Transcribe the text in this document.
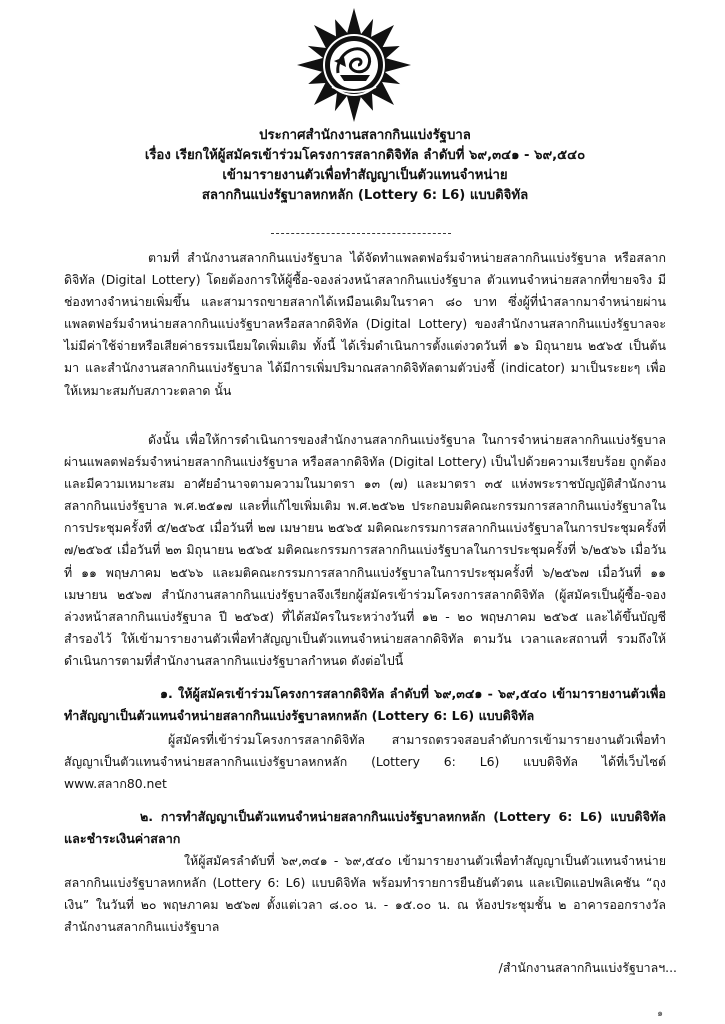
ประกาศสำนักงานสลากกินแบ่งรัฐบาล
เรื่อง เรียกให้ผู้สมัครเข้าร่วมโครงการสลากดิจิทัล ลำดับที่ ๖๙,๓๔๑ - ๖๙,๕๔๐
เข้ามารายงานตัวเพื่อทำสัญญาเป็นตัวแทนจำหน่าย
สลากกินแบ่งรัฐบาลหกหลัก (Lottery 6: L6) แบบดิจิทัล
ตามที่ สำนักงานสลากกินแบ่งรัฐบาล ได้จัดทำแพลตฟอร์มจำหน่ายสลากกินแบ่งรัฐบาล หรือสลากดิจิทัล (Digital Lottery) โดยต้องการให้ผู้ซื้อ-จองล่วงหน้าสลากกินแบ่งรัฐบาล ตัวแทนจำหน่ายสลากที่ขายจริง มีช่องทางจำหน่ายเพิ่มขึ้น และสามารถขายสลากได้เหมือนเดิมในราคา ๘๐ บาท ซึ่งผู้ที่นำสลากมาจำหน่ายผ่านแพลตฟอร์มจำหน่ายสลากกินแบ่งรัฐบาลหรือสลากดิจิทัล (Digital Lottery) ของสำนักงานสลากกินแบ่งรัฐบาลจะไม่มีค่าใช้จ่ายหรือเสียค่าธรรมเนียมใดเพิ่มเติม ทั้งนี้ ได้เริ่มดำเนินการตั้งแต่งวดวันที่ ๑๖ มิถุนายน ๒๕๖๕ เป็นต้นมา และสำนักงานสลากกินแบ่งรัฐบาล ได้มีการเพิ่มปริมาณสลากดิจิทัลตามตัวบ่งชี้ (indicator) มาเป็นระยะๆ เพื่อให้เหมาะสมกับสภาวะตลาด นั้น
ดังนั้น เพื่อให้การดำเนินการของสำนักงานสลากกินแบ่งรัฐบาล ในการจำหน่ายสลากกินแบ่งรัฐบาลผ่านแพลตฟอร์มจำหน่ายสลากกินแบ่งรัฐบาล หรือสลากดิจิทัล (Digital Lottery) เป็นไปด้วยความเรียบร้อย ถูกต้อง และมีความเหมาะสม อาศัยอำนาจตามความในมาตรา ๑๓ (๗) และมาตรา ๓๕ แห่งพระราชบัญญัติสำนักงานสลากกินแบ่งรัฐบาล พ.ศ.๒๕๑๗ และที่แก้ไขเพิ่มเติม พ.ศ.๒๕๖๒ ประกอบมติคณะกรรมการสลากกินแบ่งรัฐบาลในการประชุมครั้งที่ ๕/๒๕๖๕ เมื่อวันที่ ๒๗ เมษายน ๒๕๖๕ มติคณะกรรมการสลากกินแบ่งรัฐบาลในการประชุมครั้งที่ ๗/๒๕๖๕ เมื่อวันที่ ๒๓ มิถุนายน ๒๕๖๕ มติคณะกรรมการสลากกินแบ่งรัฐบาลในการประชุมครั้งที่ ๖/๒๕๖๖ เมื่อวันที่ ๑๑ พฤษภาคม ๒๕๖๖ และมติคณะกรรมการสลากกินแบ่งรัฐบาลในการประชุมครั้งที่ ๖/๒๕๖๗ เมื่อวันที่ ๑๑ เมษายน ๒๕๖๗ สำนักงานสลากกินแบ่งรัฐบาลจึงเรียกผู้สมัครเข้าร่วมโครงการสลากดิจิทัล (ผู้สมัครเป็นผู้ซื้อ-จองล่วงหน้าสลากกินแบ่งรัฐบาล ปี ๒๕๖๕) ที่ได้สมัครในระหว่างวันที่ ๑๒ - ๒๐ พฤษภาคม ๒๕๖๕ และได้ขึ้นบัญชีสำรองไว้ ให้เข้ามารายงานตัวเพื่อทำสัญญาเป็นตัวแทนจำหน่ายสลากดิจิทัล ตามวัน เวลาและสถานที่ รวมถึงให้ดำเนินการตามที่สำนักงานสลากกินแบ่งรัฐบาลกำหนด ดังต่อไปนี้
๑. ให้ผู้สมัครเข้าร่วมโครงการสลากดิจิทัล ลำดับที่ ๖๙,๓๔๑ - ๖๙,๕๔๐ เข้ามารายงานตัวเพื่อทำสัญญาเป็นตัวแทนจำหน่ายสลากกินแบ่งรัฐบาลหกหลัก (Lottery 6: L6) แบบดิจิทัล
ผู้สมัครที่เข้าร่วมโครงการสลากดิจิทัล สามารถตรวจสอบลำดับการเข้ามารายงานตัวเพื่อทำสัญญาเป็นตัวแทนจำหน่ายสลากกินแบ่งรัฐบาลหกหลัก (Lottery 6: L6) แบบดิจิทัล ได้ที่เว็บไซต์ www.สลาก80.net
๒. การทำสัญญาเป็นตัวแทนจำหน่ายสลากกินแบ่งรัฐบาลหกหลัก (Lottery 6: L6) แบบดิจิทัลและชำระเงินค่าสลาก
ให้ผู้สมัครลำดับที่ ๖๙,๓๔๑ - ๖๙,๕๔๐ เข้ามารายงานตัวเพื่อทำสัญญาเป็นตัวแทนจำหน่ายสลากกินแบ่งรัฐบาลหกหลัก (Lottery 6: L6) แบบดิจิทัล พร้อมทำรายการยืนยันตัวตน และเปิดแอปพลิเคชัน “ถุงเงิน” ในวันที่ ๒๐ พฤษภาคม ๒๕๖๗ ตั้งแต่เวลา ๘.๐๐ น. - ๑๕.๐๐ น. ณ ห้องประชุมชั้น ๒ อาคารออกรางวัล สำนักงานสลากกินแบ่งรัฐบาล
/สำนักงานสลากกินแบ่งรัฐบาลฯ...
๑
